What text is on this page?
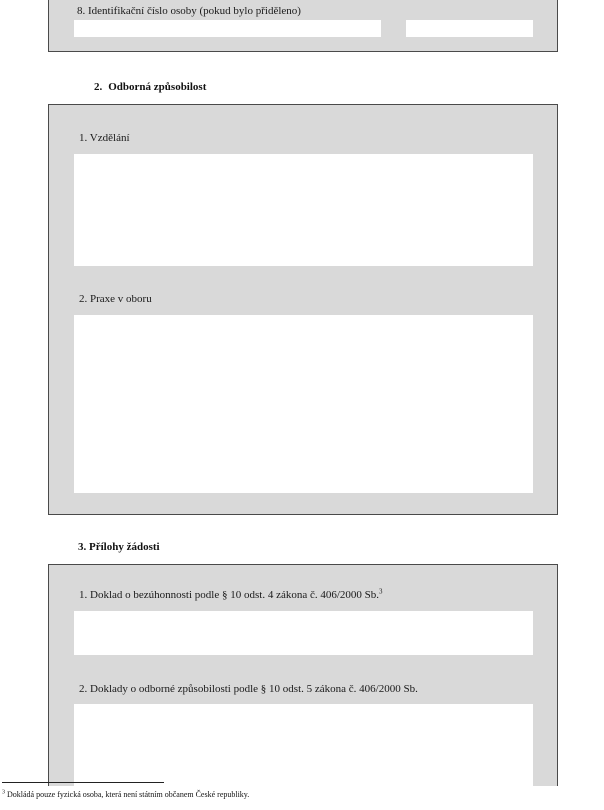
8. Identifikační číslo osoby (pokud bylo přiděleno)
2. Odborná způsobilost
1. Vzdělání
2. Praxe v oboru
3. Přílohy žádosti
1. Doklad o bezúhonnosti podle § 10 odst. 4 zákona č. 406/2000 Sb.$^3$
2. Doklady o odborné způsobilosti podle § 10 odst. 5 zákona č. 406/2000 Sb.
$^3$ Dokládá pouze fyzická osoba, která není státním občanem České republiky.
